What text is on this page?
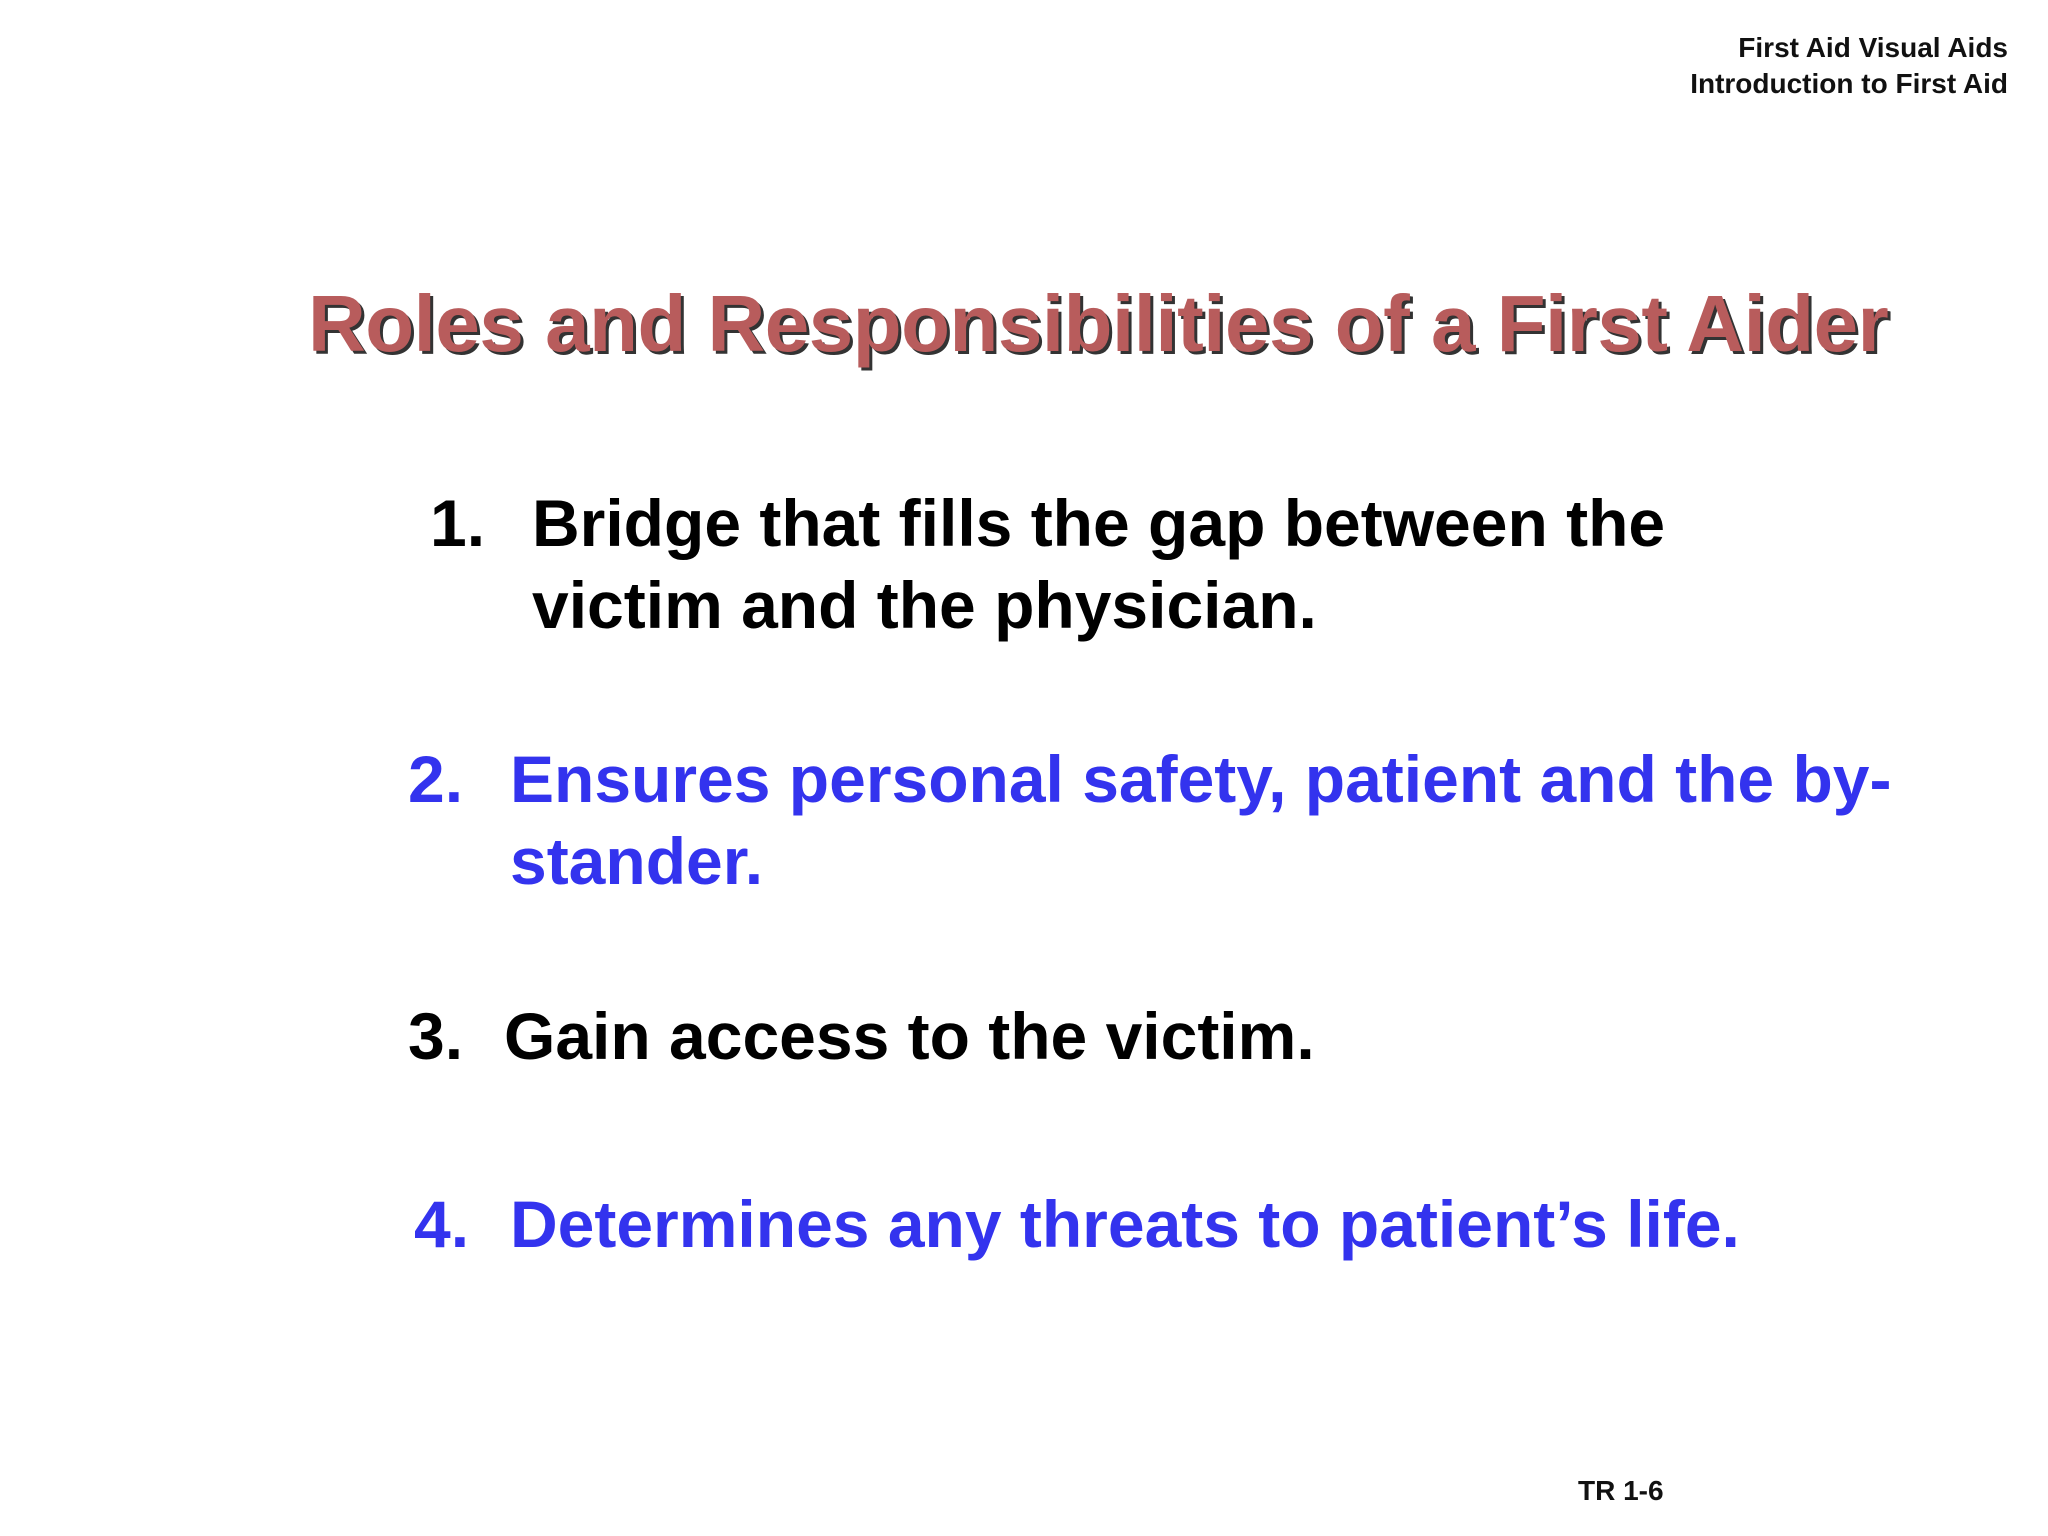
First Aid Visual Aids
Introduction to First Aid
Roles and Responsibilities of a First Aider
1. Bridge that fills the gap between the victim and the physician.
2. Ensures personal safety, patient and the by-stander.
3. Gain access to the victim.
4. Determines any threats to patient’s life.
TR 1-6
